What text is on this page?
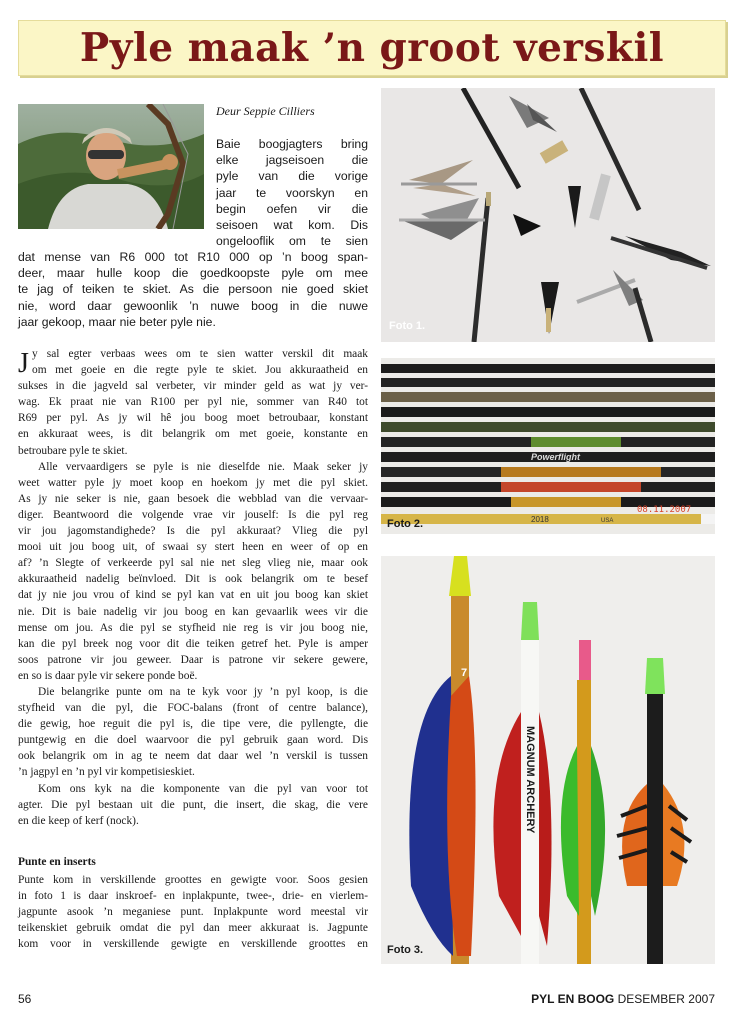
Pyle maak ’n groot verskil
Deur Seppie Cilliers
Baie boogjagters bring
elke jagseisoen die
pyle van die vorige
jaar te voorskyn en
begin oefen vir die
seisoen wat kom. Dis
ongelooflik om te sien
dat mense van R6 000 tot R10 000 op ’n boog span-
deer, maar hulle koop die goedkoopste pyle om mee
te jag of teiken te skiet. As die persoon nie goed skiet
nie, word daar gewoonlik ’n nuwe boog in die nuwe
jaar gekoop, maar nie beter pyle nie.
J y sal egter verbaas wees om te sien watter verskil dit maak
om met goeie en die regte pyle te skiet. Jou akkuraatheid en
sukses in die jagveld sal verbeter, vir minder geld as wat jy ver-
wag. Ek praat nie van R100 per pyl nie, sommer van R40 tot
R69 per pyl. As jy wil hê jou boog moet betroubaar, konstant
en akkuraat wees, is dit belangrik om met goeie, konstante en
betroubare pyle te skiet.
Alle vervaardigers se pyle is nie dieselfde nie. Maak seker jy
weet watter pyle jy moet koop en hoekom jy met die pyl skiet.
As jy nie seker is nie, gaan besoek die webblad van die vervaar-
diger. Beantwoord die volgende vrae vir jouself: Is die pyl reg
vir jou jagomstandighede? Is die pyl akkuraat? Vlieg die pyl
mooi uit jou boog uit, of swaai sy stert heen en weer of op en
af? ’n Slegte of verkeerde pyl sal nie net sleg vlieg nie, maar ook
akkuraatheid nadelig beïnvloed. Dit is ook belangrik om te besef
dat jy nie jou vrou of kind se pyl kan vat en uit jou boog kan skiet
nie. Dit is baie nadelig vir jou boog en kan gevaarlik wees vir die
mense om jou. As die pyl se styfheid nie reg is vir jou boog nie,
kan die pyl breek nog voor dit die teiken getref het. Pyle is amper
soos patrone vir jou geweer. Daar is patrone vir sekere gewere,
en so is daar pyle vir sekere ponde boë.
Die belangrike punte om na te kyk voor jy ’n pyl koop, is die
styfheid van die pyl, die FOC-balans (front of centre balance),
die gewig, hoe reguit die pyl is, die tipe vere, die pyllengte, die
puntgewig en die doel waarvoor die pyl gebruik gaan word. Dis
ook belangrik om in ag te neem dat daar wel ’n verskil is tussen
’n jagpyl en ’n pyl vir kompetisieskiet.
Kom ons kyk na die komponente van die pyl van voor tot
agter. Die pyl bestaan uit die punt, die insert, die skag, die vere
en die keep of kerf (nock).
Punte en inserts
Punte kom in verskillende groottes en gewigte voor. Soos gesien
in foto 1 is daar inskroef- en inplakpunte, twee-, drie- en vierlem-
jagpunte asook ’n meganiese punt. Inplakpunte word meestal vir
teikenskiet gebruik omdat die pyl dan meer akkuraat is. Jagpunte
kom voor in verskillende gewigte en verskillende groottes en
Foto 1.
Powerflight
2018	USA
08.11.2007
Foto 2.
7
MAGNUM ARCHERY
Foto 3.
56	PYL EN BOOG DESEMBER 2007
